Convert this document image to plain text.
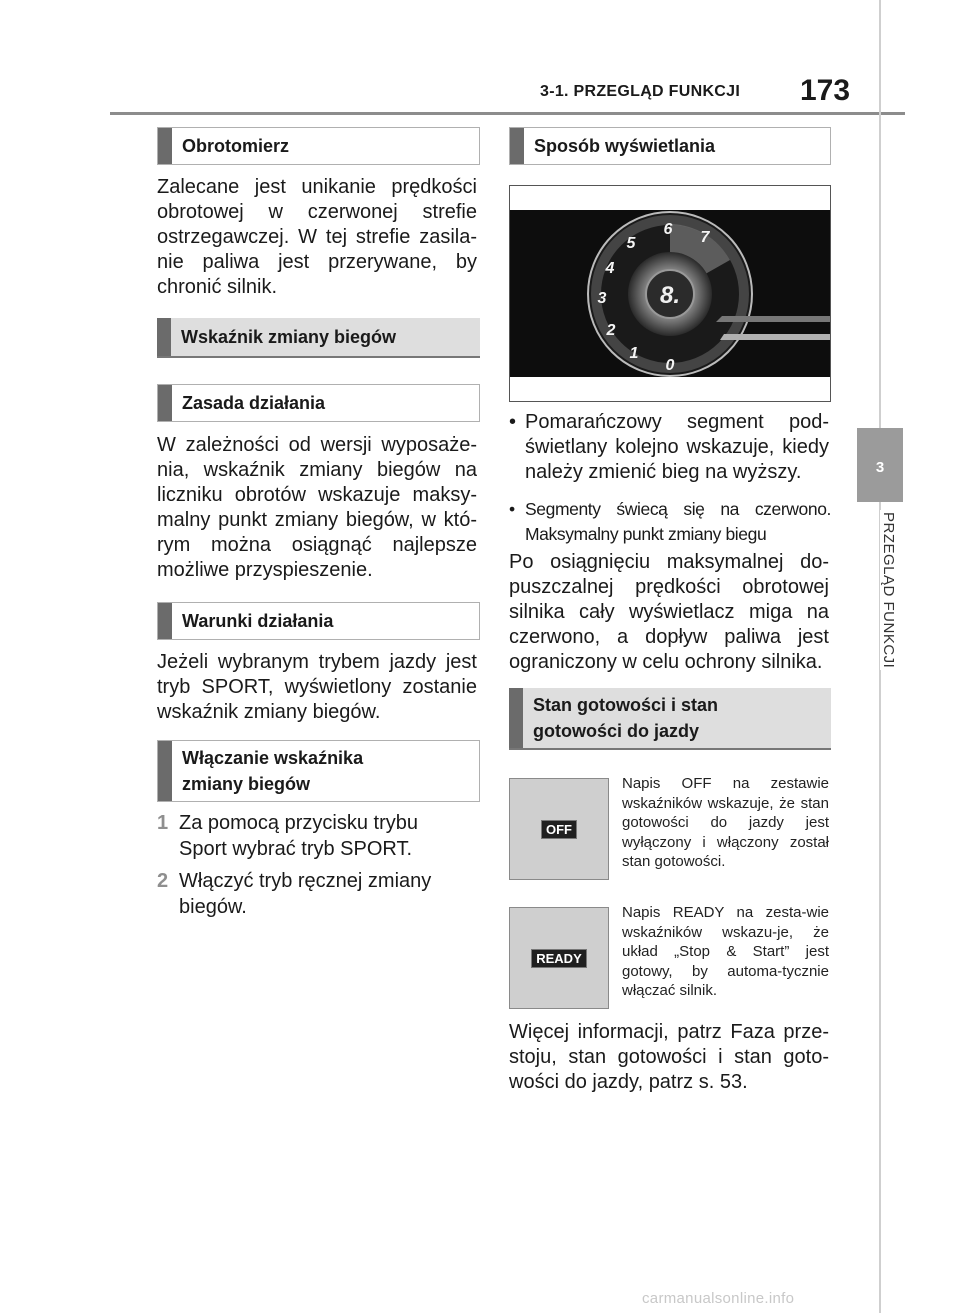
3-1. PRZEGLĄD FUNKCJI 173
3
PRZEGLĄD FUNKCJI
Obrotomierz
Zalecane jest unikanie prędkości obrotowej w czerwonej strefie ostrzegawczej. W tej strefie zasila-nie paliwa jest przerywane, by chronić silnik.
Wskaźnik zmiany biegów
Zasada działania
W zależności od wersji wyposaże-nia, wskaźnik zmiany biegów na liczniku obrotów wskazuje maksy-malny punkt zmiany biegów, w któ-rym można osiągnąć najlepsze możliwe przyspieszenie.
Warunki działania
Jeżeli wybranym trybem jazdy jest tryb SPORT, wyświetlony zostanie wskaźnik zmiany biegów.
Włączanie wskaźnika
zmiany biegów
1 Za pomocą przycisku trybu Sport wybrać tryb SPORT.
2 Włączyć tryb ręcznej zmiany biegów.
Sposób wyświetlania
8.
0
1
2
3
4
5
6 7
• Pomarańczowy segment pod-świetlany kolejno wskazuje, kiedy należy zmienić bieg na wyższy.
• Segmenty świecą się na czerwono. Maksymalny punkt zmiany biegu
Po osiągnięciu maksymalnej do-puszczalnej prędkości obrotowej silnika cały wyświetlacz miga na czerwono, a dopływ paliwa jest ograniczony w celu ochrony silnika.
Stan gotowości i stan
gotowości do jazdy
OFF
Napis OFF na zestawie wskaźników wskazuje, że stan gotowości do jazdy jest wyłączony i włączony został stan gotowości.
READY
Napis READY na zesta-wie wskaźników wskazu-je, że układ „Stop & Start” jest gotowy, by automa-tycznie włączać silnik.
Więcej informacji, patrz Faza prze-stoju, stan gotowości i stan goto-wości do jazdy, patrz s. 53.
carmanualsonline.info
